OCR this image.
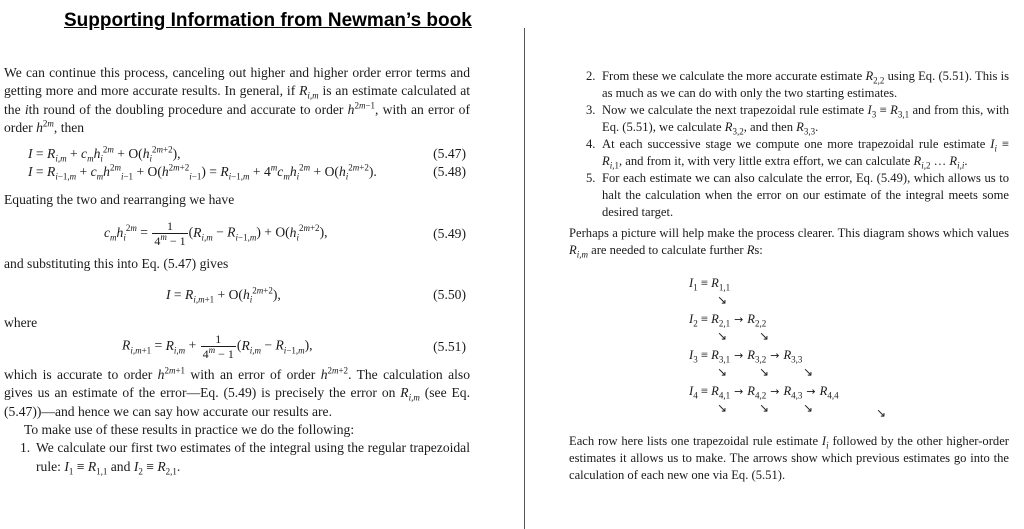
Supporting Information from Newman’s book

We can continue this process, canceling out higher and higher order error terms and getting more and more accurate results. In general, if $R_{i,m}$ is an estimate calculated at the ith round of the doubling procedure and accurate to order $h^{2m-1}$, with an error of order $h^{2m}$, then

$I = R_{i,m} + c_mh_i^{2m} + O(h_i^{2m+2})$,	(5.47)
$I = R_{i-1,m} + c_mh^{2m}_{i-1} + O(h^{2m+2}_{i-1}) = R_{i-1,m} + 4^mc_mh_i^{2m} + O(h_i^{2m+2})$.	(5.48)

Equating the two and rearranging we have

$c_mh_i^{2m} = \frac{1}{4^m - 1} (R_{i,m} - R_{i-1,m}) + O(h_i^{2m+2})$,	(5.49)

and substituting this into Eq. (5.47) gives

$I = R_{i,m+1} + O(h_i^{2m+2})$,	(5.50)

where

$R_{i,m+1} = R_{i,m} + \frac{1}{4^m - 1} (R_{i,m} - R_{i-1,m})$,	(5.51)

which is accurate to order $h^{2m+1}$ with an error of order $h^{2m+2}$. The calculation also gives us an estimate of the error—Eq. (5.49) is precisely the error on $R_{i,m}$ (see Eq. (5.47))—and hence we can say how accurate our results are.

To make use of these results in practice we do the following:

1. We calculate our first two estimates of the integral using the regular trapezoidal rule: $I_1 \equiv R_{1,1}$ and $I_2 \equiv R_{2,1}$.
2. From these we calculate the more accurate estimate $R_{2,2}$ using Eq. (5.51). This is as much as we can do with only the two starting estimates.
3. Now we calculate the next trapezoidal rule estimate $I_3 \equiv R_{3,1}$ and from this, with Eq. (5.51), we calculate $R_{3,2}$, and then $R_{3,3}$.
4. At each successive stage we compute one more trapezoidal rule estimate $I_i \equiv R_{i,1}$, and from it, with very little extra effort, we can calculate $R_{i,2}$ … $R_{i,i}$.
5. For each estimate we can also calculate the error, Eq. (5.49), which allows us to halt the calculation when the error on our estimate of the integral meets some desired target.

Perhaps a picture will help make the process clearer. This diagram shows which values $R_{i,m}$ are needed to calculate further Rs:

$I_1 \equiv R_{1,1}$
↘
$I_2 \equiv R_{2,1} \to R_{2,2}$
↘	↘
$I_3 \equiv R_{3,1} \to R_{3,2} \to R_{3,3}$
↘	↘	↘
$I_4 \equiv R_{4,1} \to R_{4,2} \to R_{4,3} \to R_{4,4}$
↘	↘	↘	↘

Each row here lists one trapezoidal rule estimate $I_i$ followed by the other higher-order estimates it allows us to make. The arrows show which previous estimates go into the calculation of each new one via Eq. (5.51).
